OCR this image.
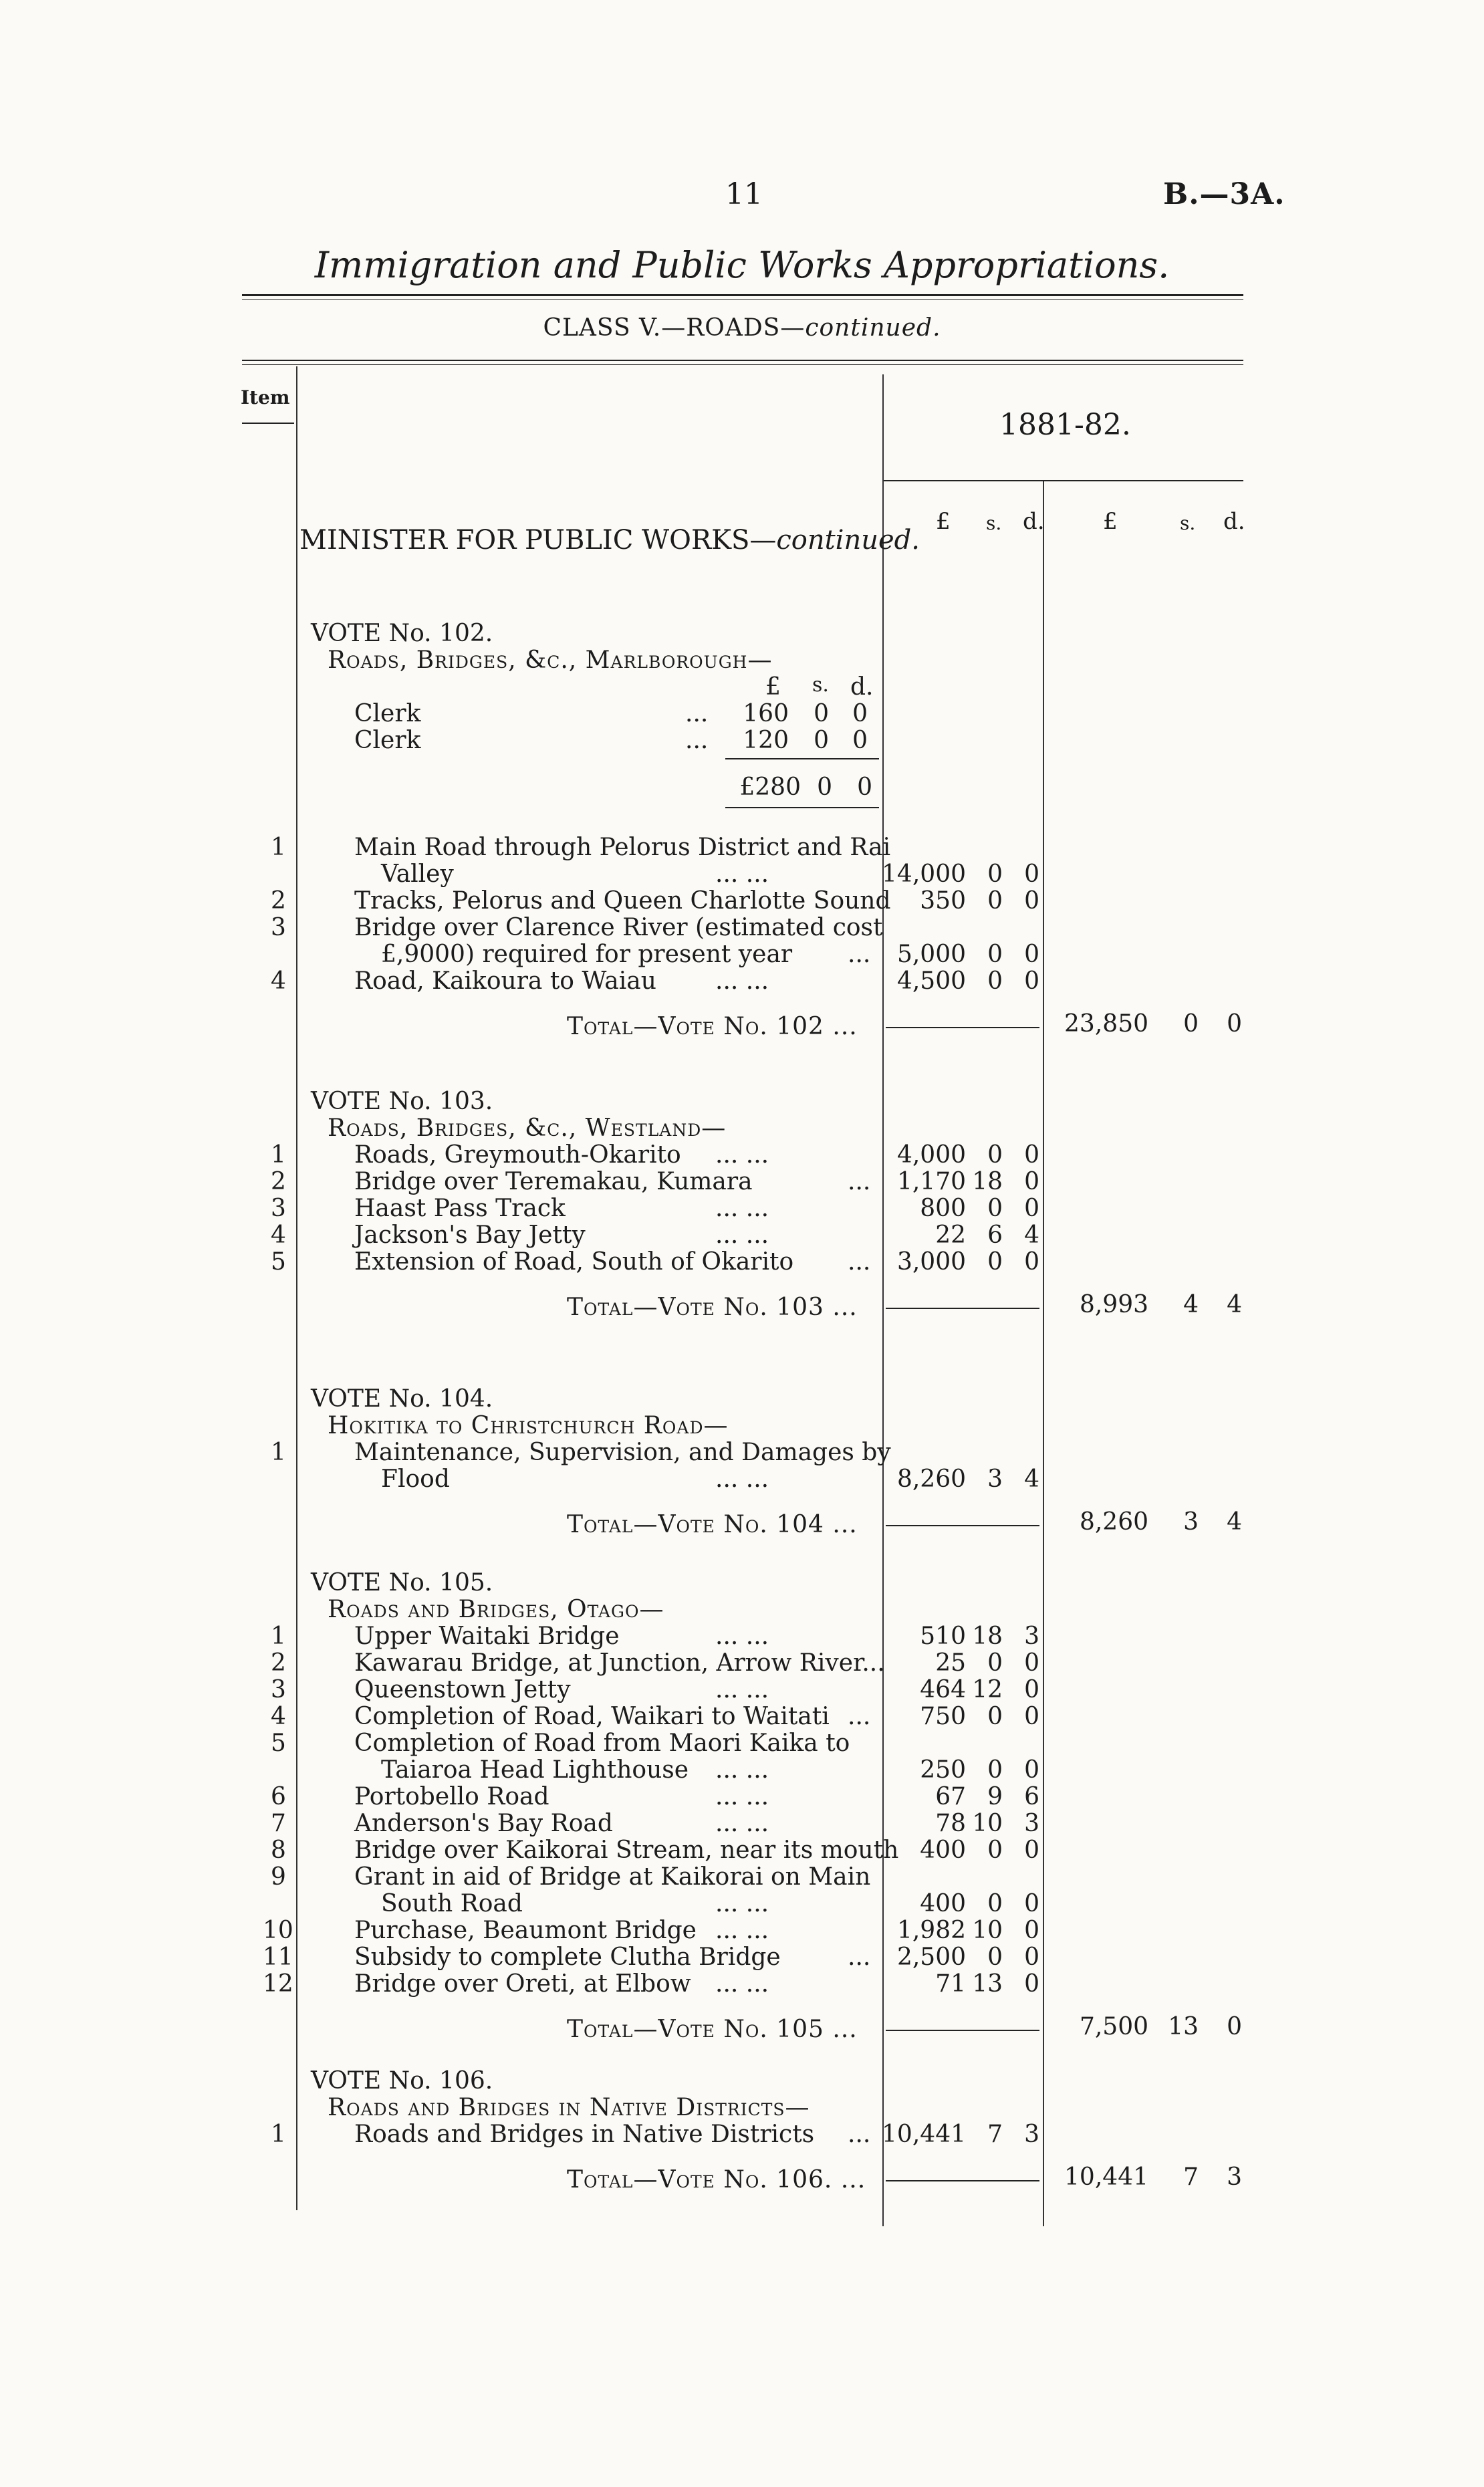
11	B.—3A.
Immigration and Public Works Appropriations.
CLASS V.—ROADS—continued.
Item
1881-82.
£ s. d.	£	s. d.
MINISTER FOR PUBLIC WORKS—continued.
VOTE No. 102.
Roads, Bridges, &c., Marlborough—
£ s. d.
Clerk	...	160	0 0
Clerk	...	120	0 0
£280 0	0
1	Main Road through Pelorus District and Rai
Valley	... ...	14,000 0 0
2	Tracks, Pelorus and Queen Charlotte Sound	350 0 0
3	Bridge over Clarence River (estimated cost
£,9000) required for present year ...	5,000 0 0
4	Road, Kaikoura to Waiau ... ...	4,500 0 0
Total—Vote No. 102 ...	23,850	0	0
VOTE No. 103.
Roads, Bridges, &c., Westland—
1	Roads, Greymouth-Okarito ... ...	4,000 0 0
2	Bridge over Teremakau, Kumara	...	1,170 18 0
3	Haast Pass Track	... ...	800 0 0
4	Jackson's Bay Jetty	... ...	22 6 4
5	Extension of Road, South of Okarito ...	3,000 0 0
Total—Vote No. 103 ...	8,993	4	4
VOTE No. 104.
Hokitika to Christchurch Road—
1	Maintenance, Supervision, and Damages by
Flood	... ...	8,260 3 4
Total—Vote No. 104 ...	8,260	3	4
VOTE No. 105.
Roads and Bridges, Otago—
1	Upper Waitaki Bridge	... ...	510 18 3
2	Kawarau Bridge, at Junction, Arrow River...	25 0 0
3	Queenstown Jetty	... ...	464 12 0
4	Completion of Road, Waikari to Waitati ...	750 0 0
5	Completion of Road from Maori Kaika to
Taiaroa Head Lighthouse ... ...	250 0 0
6	Portobello Road	... ...	67 9 6
7	Anderson's Bay Road	... ...	78 10 3
8	Bridge over Kaikorai Stream, near its mouth 400 0 0
9	Grant in aid of Bridge at Kaikorai on Main
South Road	... ...	400 0 0
10	Purchase, Beaumont Bridge ... ...	1,982 10 0
11	Subsidy to complete Clutha Bridge	...	2,500 0 0
12	Bridge over Oreti, at Elbow ... ...	71 13 0
Total—Vote No. 105 ...	7,500 13	0
VOTE No. 106.
Roads and Bridges in Native Districts—
1	Roads and Bridges in Native Districts ... 10,441 7 3
Total—Vote No. 106. ...	10,441	7	3
